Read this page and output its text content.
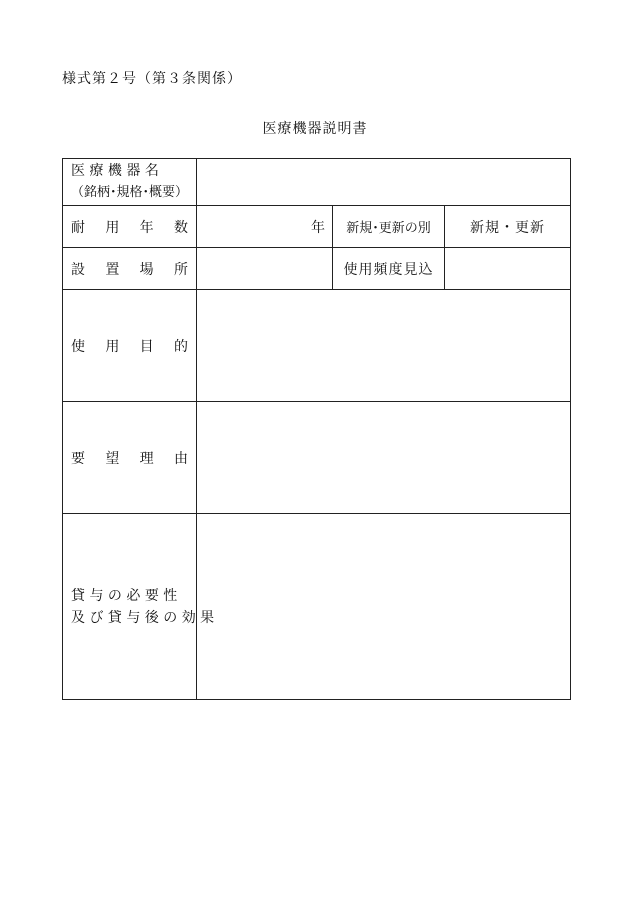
様式第２号（第３条関係）
医療機器説明書
医 療 機 器 名
（銘柄･規格･概要）			

耐 用 年 数	年	新規･更新の別	新規・更新

設 置 場 所		使用頻度見込	

使 用 目 的			

要 望 理 由			

貸 与 の 必 要 性
及 び 貸 与 後 の 効 果			
